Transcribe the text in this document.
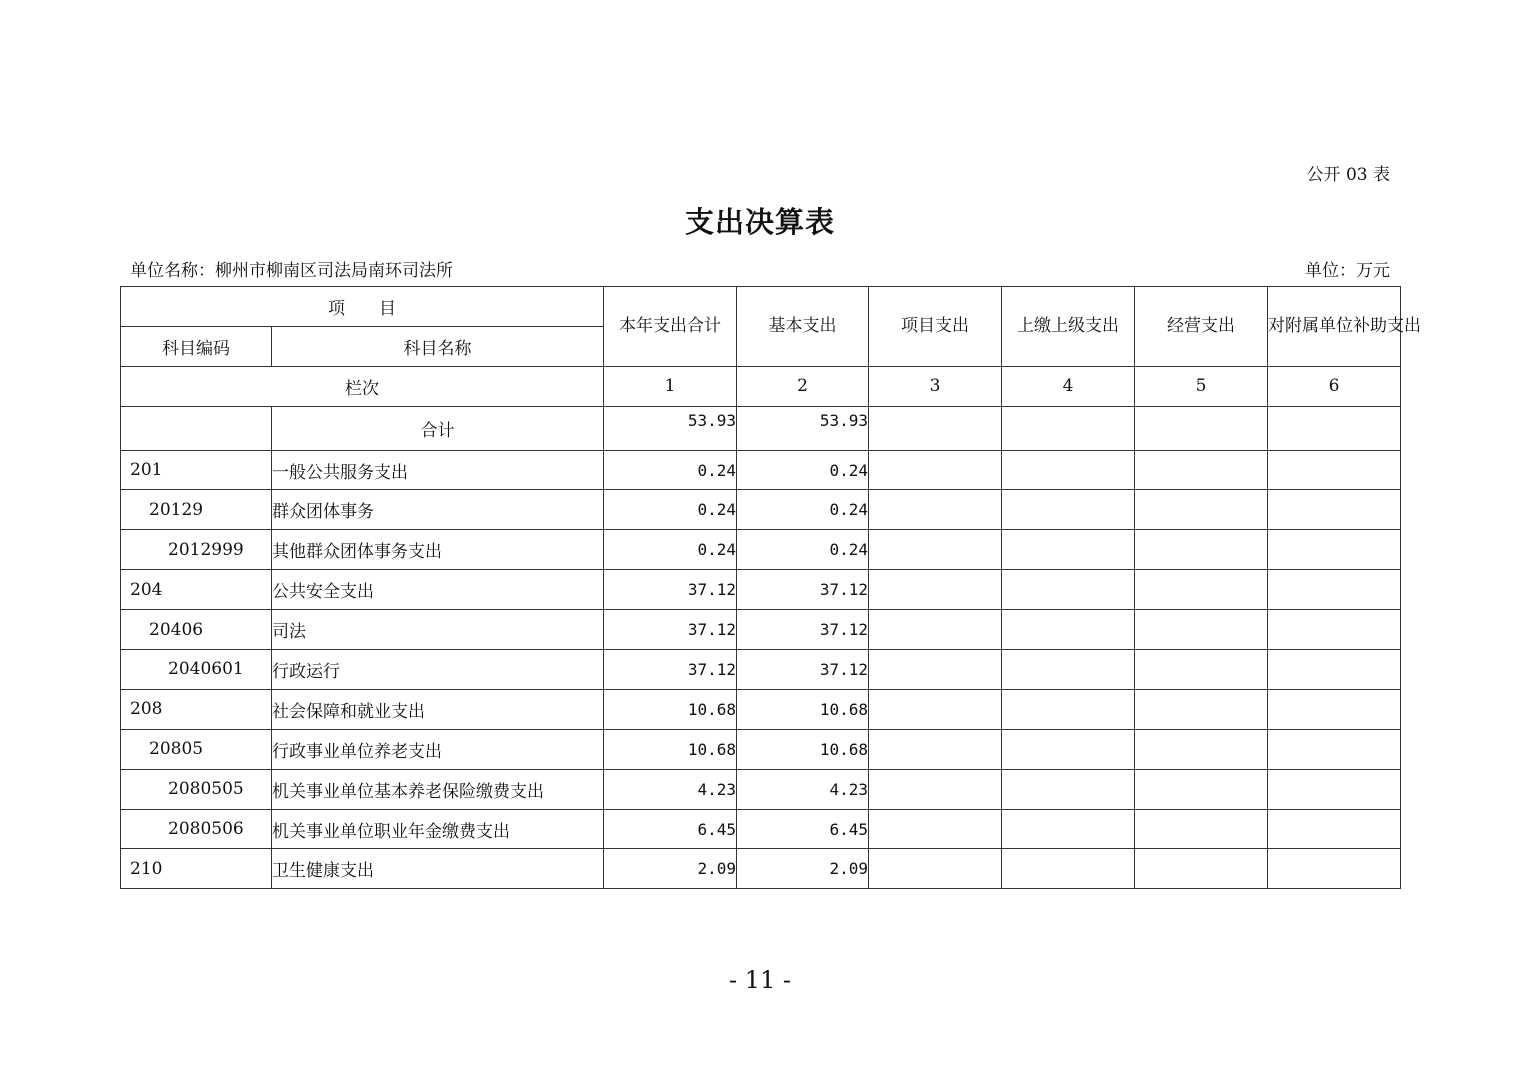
公开 03 表
支出决算表
单位名称：柳州市柳南区司法局南环司法所	单位：万元
项　　目		本年支出合计	基本支出	项目支出	上缴上级支出	经营支出	对附属单位补助支出
科目编码	科目名称						
栏次		1	2	3	4	5	6
	合计	53.93	53.93				
201	一般公共服务支出	0.24	0.24				
20129	群众团体事务	0.24	0.24				
2012999	其他群众团体事务支出	0.24	0.24				
204	公共安全支出	37.12	37.12				
20406	司法	37.12	37.12				
2040601	行政运行	37.12	37.12				
208	社会保障和就业支出	10.68	10.68				
20805	行政事业单位养老支出	10.68	10.68				
2080505	机关事业单位基本养老保险缴费支出	4.23	4.23				
2080506	机关事业单位职业年金缴费支出	6.45	6.45				
210	卫生健康支出	2.09	2.09				
- 11 -
